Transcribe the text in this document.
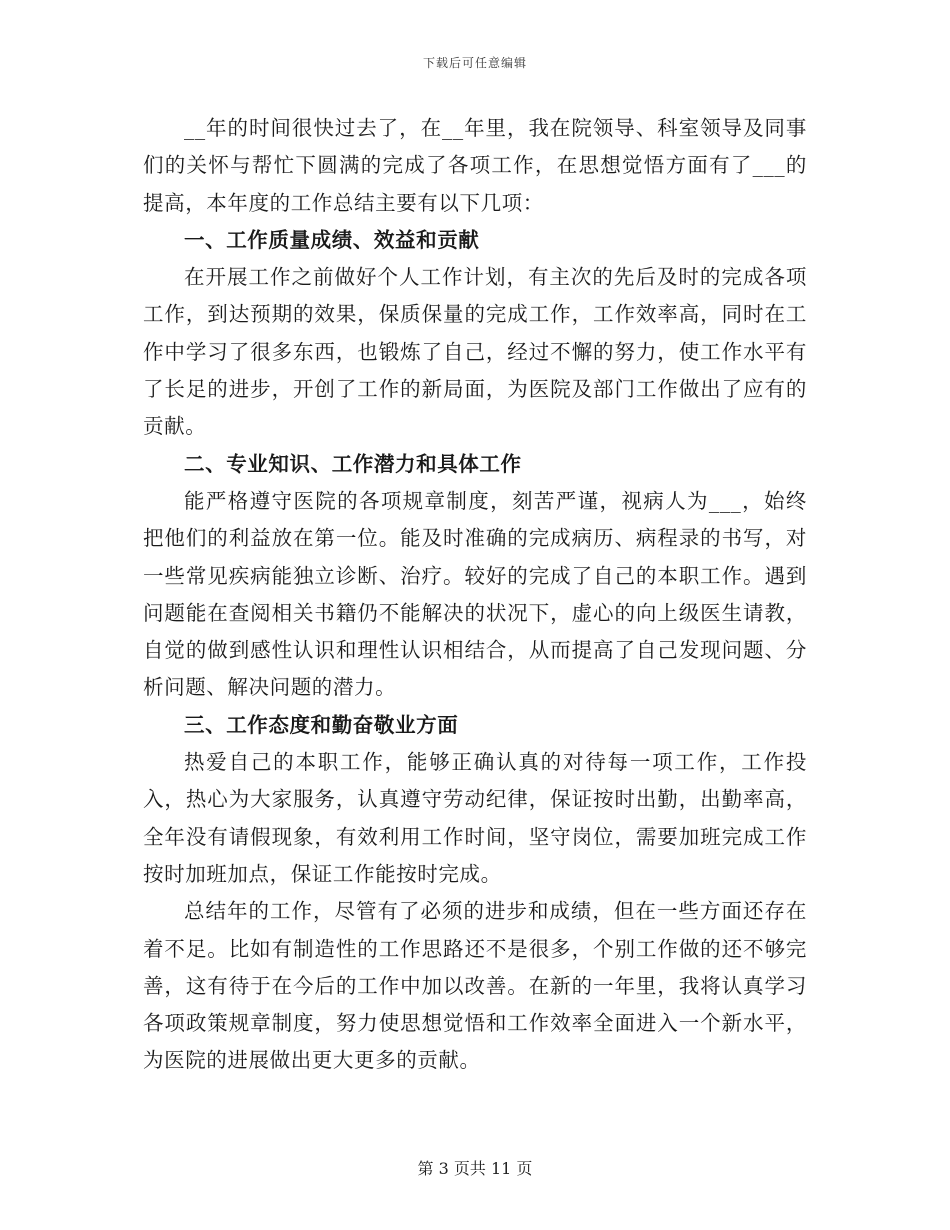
下载后可任意编辑

__年的时间很快过去了，在__年里，我在院领导、科室领导及同事们的关怀与帮忙下圆满的完成了各项工作，在思想觉悟方面有了___的提高，本年度的工作总结主要有以下几项：

一、工作质量成绩、效益和贡献

在开展工作之前做好个人工作计划，有主次的先后及时的完成各项工作，到达预期的效果，保质保量的完成工作，工作效率高，同时在工作中学习了很多东西，也锻炼了自己，经过不懈的努力，使工作水平有了长足的进步，开创了工作的新局面，为医院及部门工作做出了应有的贡献。

二、专业知识、工作潜力和具体工作

能严格遵守医院的各项规章制度，刻苦严谨，视病人为___，始终把他们的利益放在第一位。能及时准确的完成病历、病程录的书写，对一些常见疾病能独立诊断、治疗。较好的完成了自己的本职工作。遇到问题能在查阅相关书籍仍不能解决的状况下，虚心的向上级医生请教，自觉的做到感性认识和理性认识相结合，从而提高了自己发现问题、分析问题、解决问题的潜力。

三、工作态度和勤奋敬业方面

热爱自己的本职工作，能够正确认真的对待每一项工作，工作投入，热心为大家服务，认真遵守劳动纪律，保证按时出勤，出勤率高，全年没有请假现象，有效利用工作时间，坚守岗位，需要加班完成工作按时加班加点，保证工作能按时完成。

总结年的工作，尽管有了必须的进步和成绩，但在一些方面还存在着不足。比如有制造性的工作思路还不是很多，个别工作做的还不够完善，这有待于在今后的工作中加以改善。在新的一年里，我将认真学习各项政策规章制度，努力使思想觉悟和工作效率全面进入一个新水平，为医院的进展做出更大更多的贡献。

第 3 页共 11 页
